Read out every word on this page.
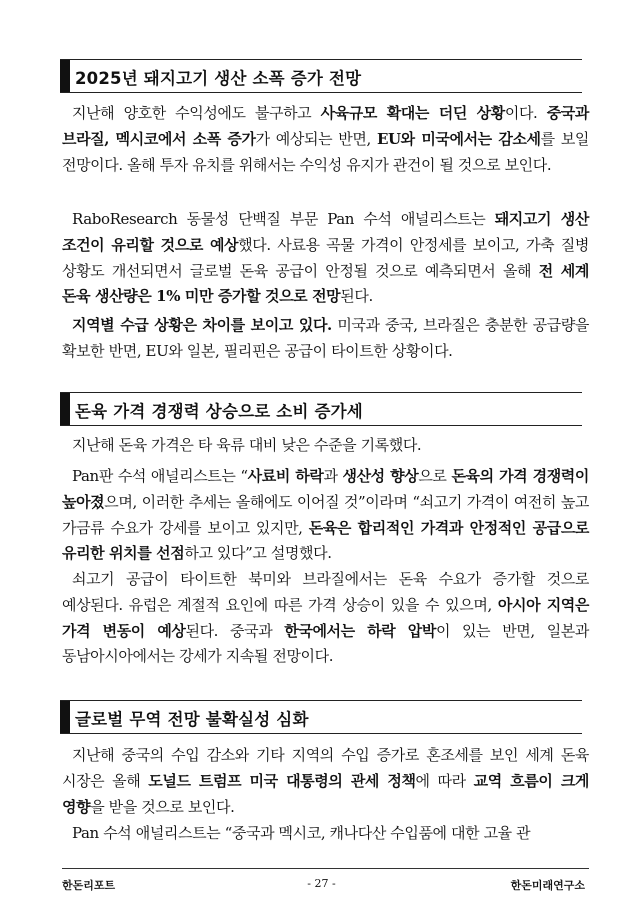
2025년 돼지고기 생산 소폭 증가 전망

지난해 양호한 수익성에도 불구하고 사육규모 확대는 더딘 상황이다. 중국과 브라질, 멕시코에서 소폭 증가가 예상되는 반면, EU와 미국에서는 감소세를 보일 전망이다. 올해 투자 유치를 위해서는 수익성 유지가 관건이 될 것으로 보인다.

RaboResearch 동물성 단백질 부문 Pan 수석 애널리스트는 돼지고기 생산 조건이 유리할 것으로 예상했다. 사료용 곡물 가격이 안정세를 보이고, 가축 질병 상황도 개선되면서 글로벌 돈육 공급이 안정될 것으로 예측되면서 올해 전 세계 돈육 생산량은 1% 미만 증가할 것으로 전망된다.

지역별 수급 상황은 차이를 보이고 있다. 미국과 중국, 브라질은 충분한 공급량을 확보한 반면, EU와 일본, 필리핀은 공급이 타이트한 상황이다.

돈육 가격 경쟁력 상승으로 소비 증가세

지난해 돈육 가격은 타 육류 대비 낮은 수준을 기록했다.

Pan판 수석 애널리스트는 “사료비 하락과 생산성 향상으로 돈육의 가격 경쟁력이 높아졌으며, 이러한 추세는 올해에도 이어질 것”이라며 “쇠고기 가격이 여전히 높고 가금류 수요가 강세를 보이고 있지만, 돈육은 합리적인 가격과 안정적인 공급으로 유리한 위치를 선점하고 있다”고 설명했다.

쇠고기 공급이 타이트한 북미와 브라질에서는 돈육 수요가 증가할 것으로 예상된다. 유럽은 계절적 요인에 따른 가격 상승이 있을 수 있으며, 아시아 지역은 가격 변동이 예상된다. 중국과 한국에서는 하락 압박이 있는 반면, 일본과 동남아시아에서는 강세가 지속될 전망이다.

글로벌 무역 전망 불확실성 심화

지난해 중국의 수입 감소와 기타 지역의 수입 증가로 혼조세를 보인 세계 돈육 시장은 올해 도널드 트럼프 미국 대통령의 관세 정책에 따라 교역 흐름이 크게 영향을 받을 것으로 보인다.

Pan 수석 애널리스트는 “중국과 멕시코, 캐나다산 수입품에 대한 고율 관

한돈리포트	- 27 -	한돈미래연구소
